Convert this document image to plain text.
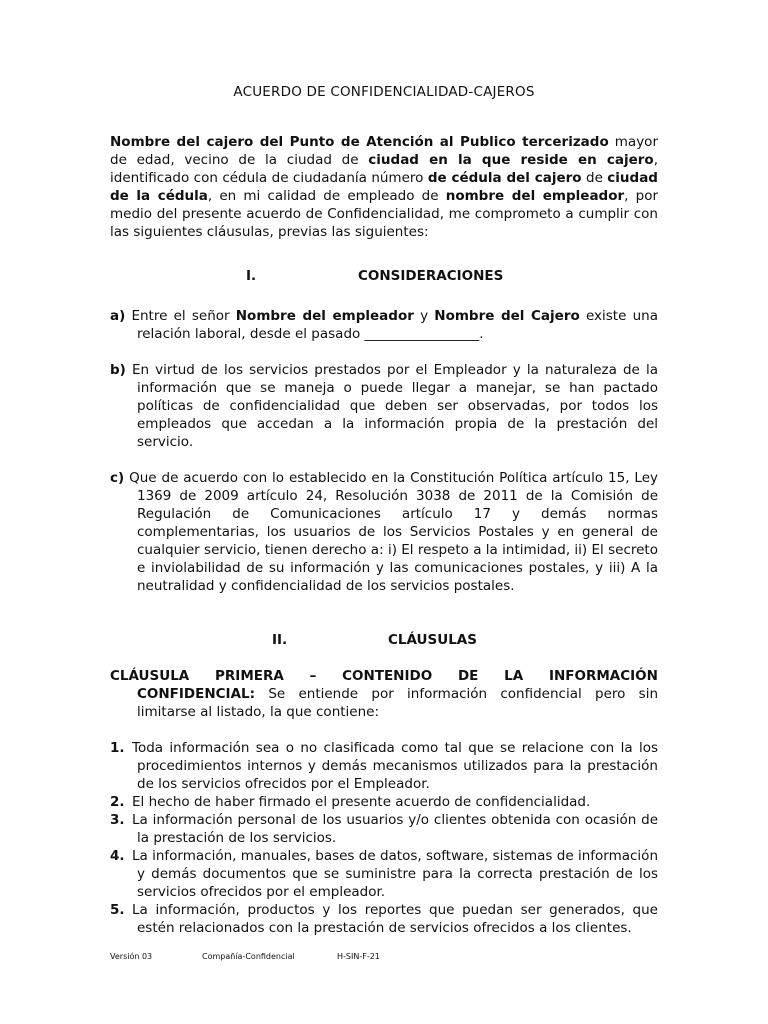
ACUERDO DE CONFIDENCIALIDAD-CAJEROS

Nombre del cajero del Punto de Atención al Publico tercerizado mayor de edad, vecino de la ciudad de ciudad en la que reside en cajero, identificado con cédula de ciudadanía número de cédula del cajero de ciudad de la cédula, en mi calidad de empleado de nombre del empleador, por medio del presente acuerdo de Confidencialidad, me comprometo a cumplir con las siguientes cláusulas, previas las siguientes:

I.	CONSIDERACIONES

a) Entre el señor Nombre del empleador y Nombre del Cajero existe una relación laboral, desde el pasado _________________.

b) En virtud de los servicios prestados por el Empleador y la naturaleza de la información que se maneja o puede llegar a manejar, se han pactado políticas de confidencialidad que deben ser observadas, por todos los empleados que accedan a la información propia de la prestación del servicio.

c) Que de acuerdo con lo establecido en la Constitución Política artículo 15, Ley 1369 de 2009 artículo 24, Resolución 3038 de 2011 de la Comisión de Regulación de Comunicaciones artículo 17 y demás normas complementarias, los usuarios de los Servicios Postales y en general de cualquier servicio, tienen derecho a: i) El respeto a la intimidad, ii) El secreto e inviolabilidad de su información y las comunicaciones postales, y iii) A la neutralidad y confidencialidad de los servicios postales.

II.	CLÁUSULAS
CLÁUSULA PRIMERA – CONTENIDO DE LA INFORMACIÓN
CONFIDENCIAL: Se entiende por información confidencial pero sin limitarse al listado, la que contiene:

1. Toda información sea o no clasificada como tal que se relacione con la los procedimientos internos y demás mecanismos utilizados para la prestación de los servicios ofrecidos por el Empleador.

2. El hecho de haber firmado el presente acuerdo de confidencialidad.

3. La información personal de los usuarios y/o clientes obtenida con ocasión de la prestación de los servicios.

4. La información, manuales, bases de datos, software, sistemas de información y demás documentos que se suministre para la correcta prestación de los servicios ofrecidos por el empleador.

5. La información, productos y los reportes que puedan ser generados, que estén relacionados con la prestación de servicios ofrecidos a los clientes.

Versión 03	Compañía-Confidencial	H-SIN-F-21
